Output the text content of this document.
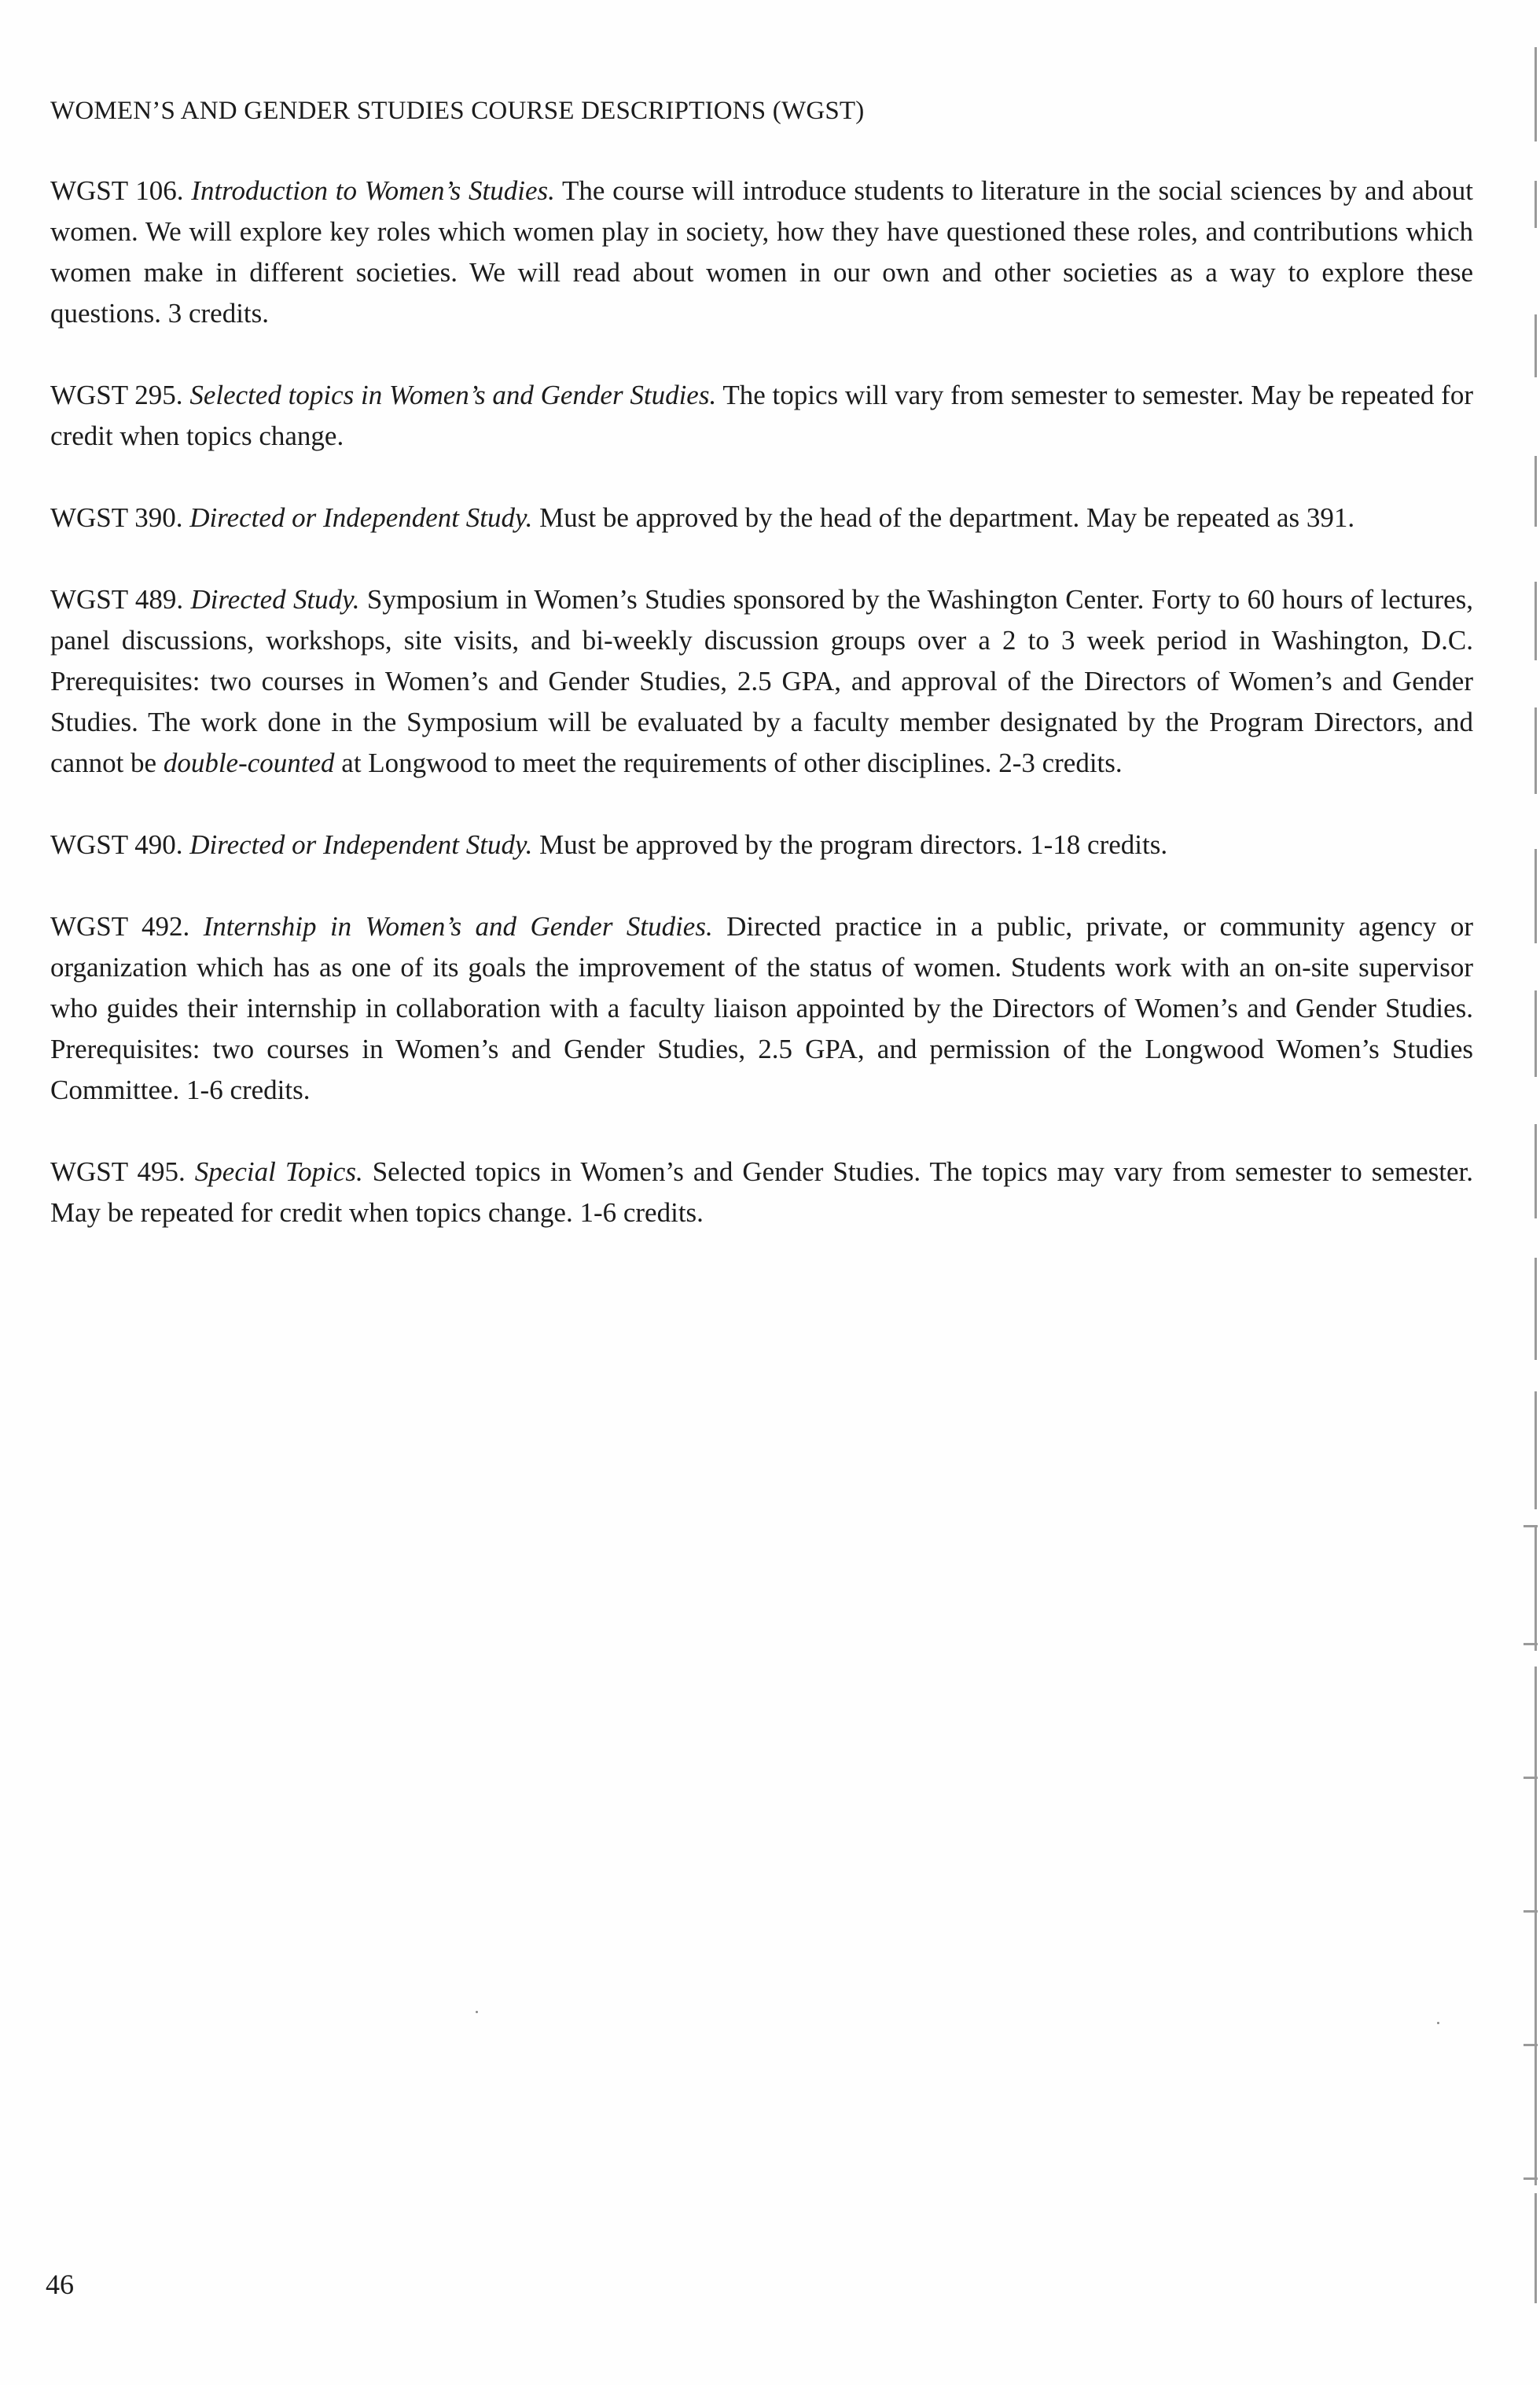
WOMEN’S AND GENDER STUDIES COURSE DESCRIPTIONS (WGST)

WGST 106. Introduction to Women’s Studies. The course will introduce students to literature in the social sciences by and about women. We will explore key roles which women play in society, how they have questioned these roles, and contributions which women make in different societies. We will read about women in our own and other societies as a way to explore these questions. 3 credits.

WGST 295. Selected topics in Women’s and Gender Studies. The topics will vary from semester to semester. May be repeated for credit when topics change.

WGST 390. Directed or Independent Study. Must be approved by the head of the department. May be repeated as 391.

WGST 489. Directed Study. Symposium in Women’s Studies sponsored by the Washington Center. Forty to 60 hours of lectures, panel discussions, workshops, site visits, and bi-weekly discussion groups over a 2 to 3 week period in Washington, D.C. Prerequisites: two courses in Women’s and Gender Studies, 2.5 GPA, and approval of the Directors of Women’s and Gender Studies. The work done in the Symposium will be evaluated by a faculty member designated by the Program Directors, and cannot be double-counted at Longwood to meet the requirements of other disciplines. 2-3 credits.

WGST 490. Directed or Independent Study. Must be approved by the program directors. 1-18 credits.

WGST 492. Internship in Women’s and Gender Studies. Directed practice in a public, private, or community agency or organization which has as one of its goals the improvement of the status of women. Students work with an on-site supervisor who guides their internship in collaboration with a faculty liaison appointed by the Directors of Women’s and Gender Studies. Prerequisites: two courses in Women’s and Gender Studies, 2.5 GPA, and permission of the Longwood Women’s Studies Committee. 1-6 credits.

WGST 495. Special Topics. Selected topics in Women’s and Gender Studies. The topics may vary from semester to semester. May be repeated for credit when topics change. 1-6 credits.

46
